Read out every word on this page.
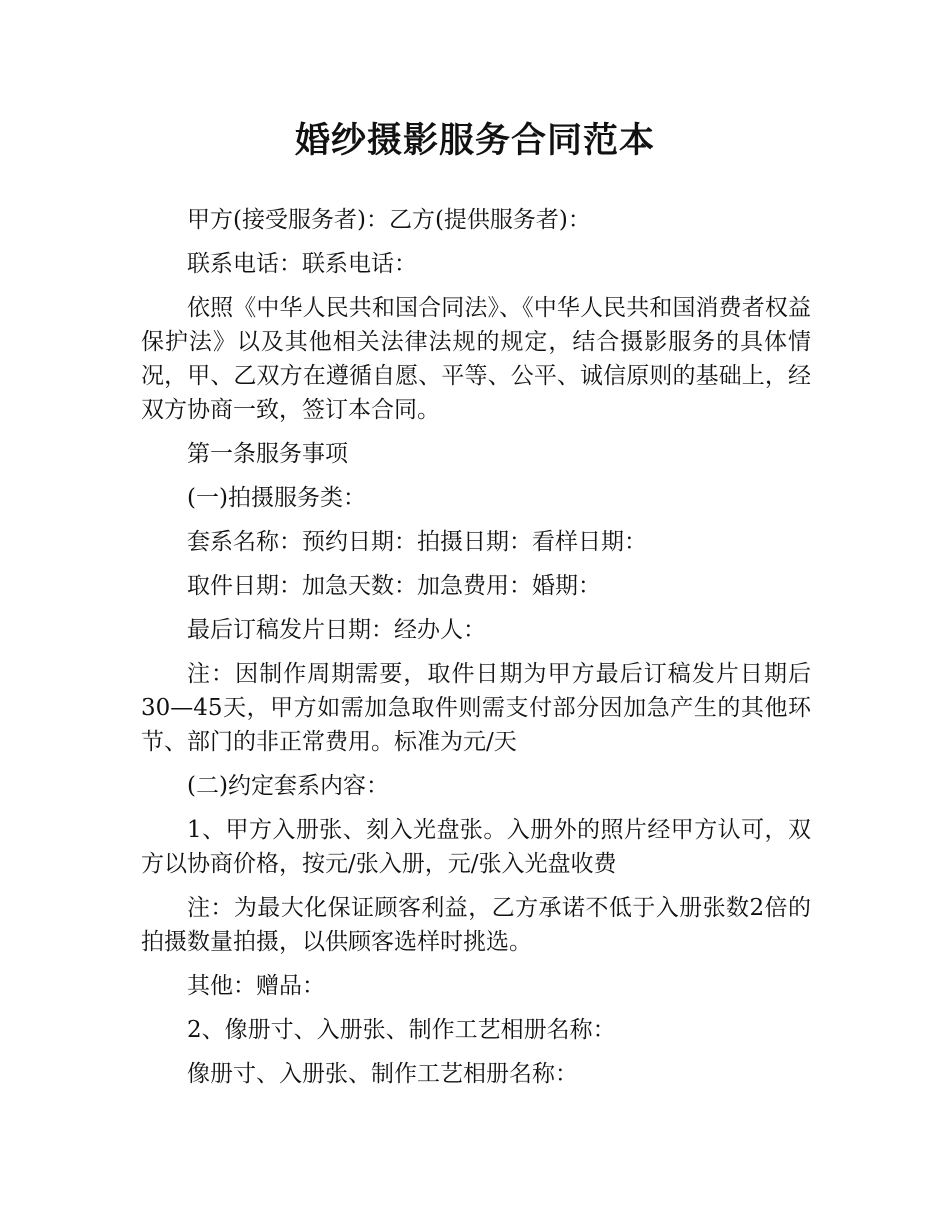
婚纱摄影服务合同范本

甲方(接受服务者)：乙方(提供服务者)：

联系电话：联系电话：

依照《中华人民共和国合同法》、《中华人民共和国消费者权益保护法》以及其他相关法律法规的规定，结合摄影服务的具体情况，甲、乙双方在遵循自愿、平等、公平、诚信原则的基础上，经双方协商一致，签订本合同。

第一条服务事项

(一)拍摄服务类：

套系名称：预约日期：拍摄日期：看样日期：

取件日期：加急天数：加急费用：婚期：

最后订稿发片日期：经办人：

注：因制作周期需要，取件日期为甲方最后订稿发片日期后30—45天，甲方如需加急取件则需支付部分因加急产生的其他环节、部门的非正常费用。标准为元/天

(二)约定套系内容：

1、甲方入册张、刻入光盘张。入册外的照片经甲方认可，双方以协商价格，按元/张入册，元/张入光盘收费

注：为最大化保证顾客利益，乙方承诺不低于入册张数2倍的拍摄数量拍摄，以供顾客选样时挑选。

其他：赠品：

2、像册寸、入册张、制作工艺相册名称：

像册寸、入册张、制作工艺相册名称：
